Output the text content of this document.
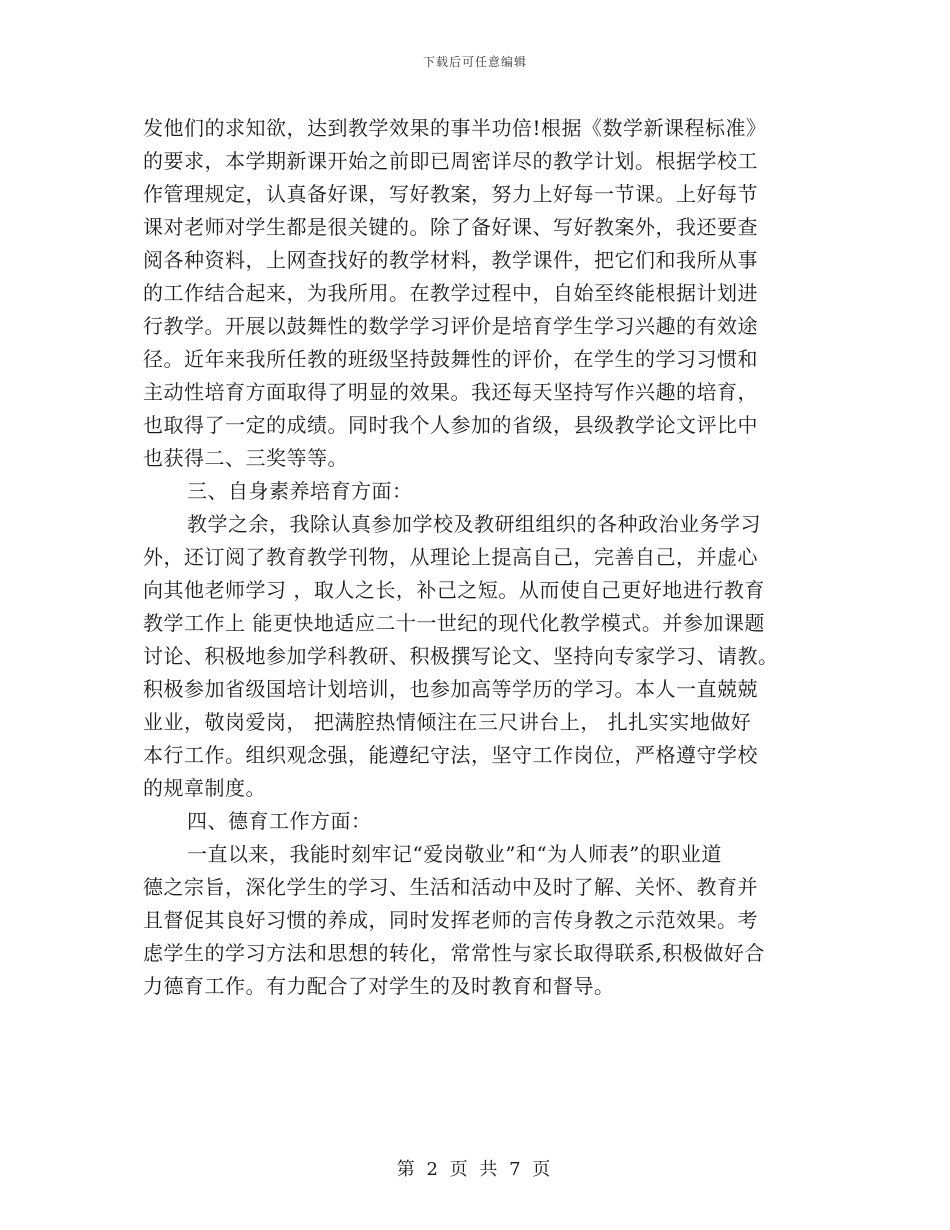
下载后可任意编辑
发他们的求知欲，达到教学效果的事半功倍!根据《数学新课程标准》
的要求，本学期新课开始之前即已周密详尽的教学计划。根据学校工
作管理规定，认真备好课，写好教案，努力上好每一节课。上好每节
课对老师对学生都是很关键的。除了备好课、写好教案外，我还要查
阅各种资料，上网查找好的教学材料，教学课件，把它们和我所从事
的工作结合起来，为我所用。在教学过程中，自始至终能根据计划进
行教学。开展以鼓舞性的数学学习评价是培育学生学习兴趣的有效途
径。近年来我所任教的班级坚持鼓舞性的评价，在学生的学习习惯和
主动性培育方面取得了明显的效果。我还每天坚持写作兴趣的培育，
也取得了一定的成绩。同时我个人参加的省级，县级教学论文评比中
也获得二、三奖等等。
三、自身素养培育方面：
教学之余，我除认真参加学校及教研组组织的各种政治业务学习
外，还订阅了教育教学刊物，从理论上提高自己，完善自己，并虚心
向其他老师学习 ，取人之长，补己之短。从而使自己更好地进行教育
教学工作上 能更快地适应二十一世纪的现代化教学模式。并参加课题
讨论、积极地参加学科教研、积极撰写论文、坚持向专家学习、请教。
积极参加省级国培计划培训，也参加高等学历的学习。本人一直兢兢
业业，敬岗爱岗， 把满腔热情倾注在三尺讲台上， 扎扎实实地做好
本行工作。组织观念强，能遵纪守法，坚守工作岗位，严格遵守学校
的规章制度。
四、德育工作方面：
一直以来，我能时刻牢记“爱岗敬业”和“为人师表”的职业道
德之宗旨，深化学生的学习、生活和活动中及时了解、关怀、教育并
且督促其良好习惯的养成，同时发挥老师的言传身教之示范效果。考
虑学生的学习方法和思想的转化，常常性与家长取得联系,积极做好合
力德育工作。有力配合了对学生的及时教育和督导。
第 2 页 共 7 页
